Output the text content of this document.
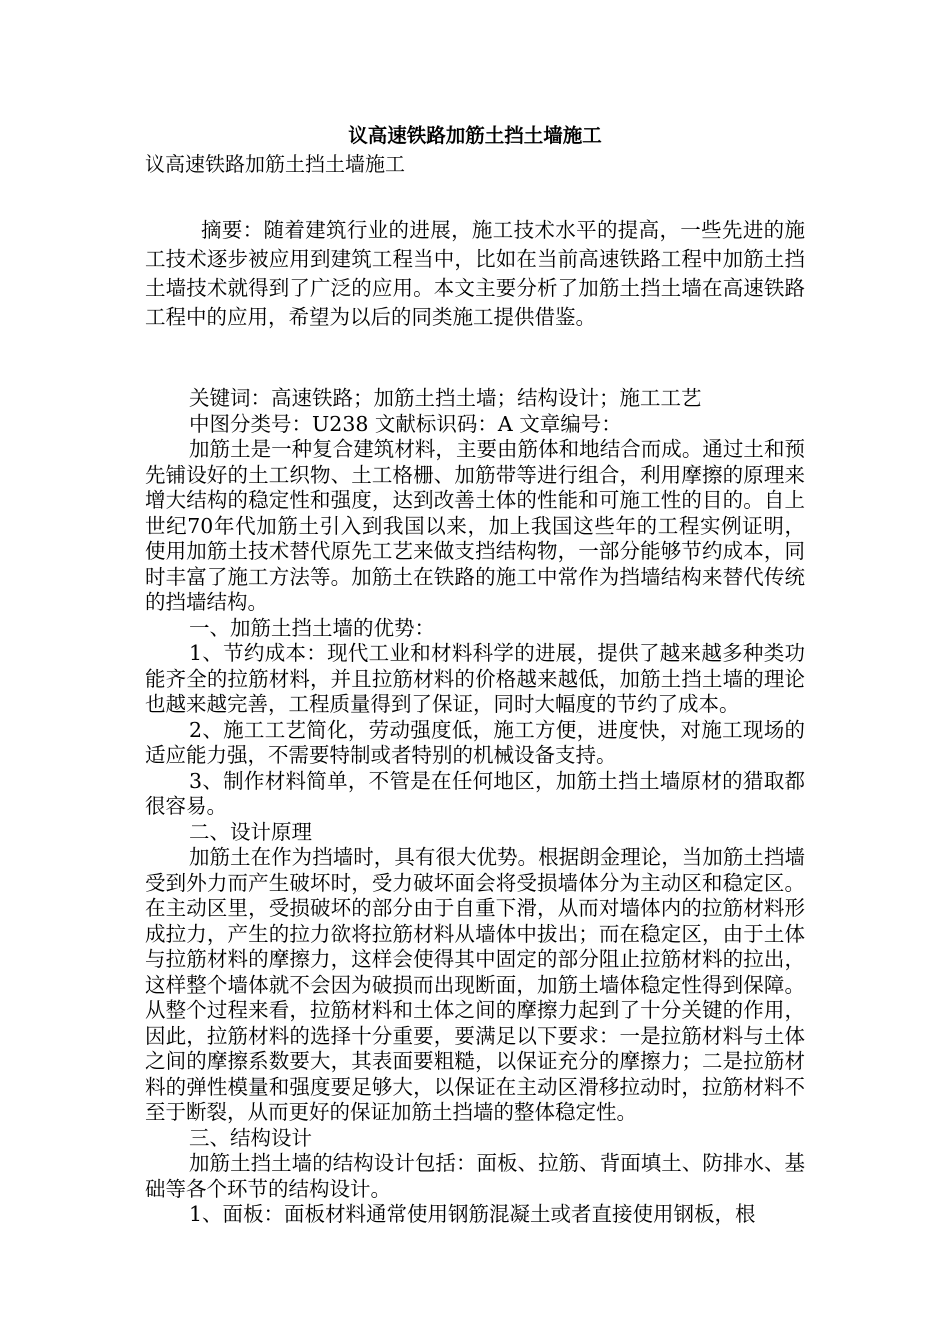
议高速铁路加筋土挡土墙施工

议高速铁路加筋土挡土墙施工

摘要：随着建筑行业的进展，施工技术水平的提高，一些先进的施工技术逐步被应用到建筑工程当中，比如在当前高速铁路工程中加筋土挡土墙技术就得到了广泛的应用。本文主要分析了加筋土挡土墙在高速铁路工程中的应用，希望为以后的同类施工提供借鉴。

关键词：高速铁路；加筋土挡土墙；结构设计；施工工艺

中图分类号：U238 文献标识码：A 文章编号：

加筋土是一种复合建筑材料，主要由筋体和地结合而成。通过土和预先铺设好的土工织物、土工格栅、加筋带等进行组合，利用摩擦的原理来增大结构的稳定性和强度，达到改善土体的性能和可施工性的目的。自上世纪70年代加筋土引入到我国以来，加上我国这些年的工程实例证明，使用加筋土技术替代原先工艺来做支挡结构物，一部分能够节约成本，同时丰富了施工方法等。加筋土在铁路的施工中常作为挡墙结构来替代传统的挡墙结构。

一、加筋土挡土墙的优势：

1、节约成本：现代工业和材料科学的进展，提供了越来越多种类功能齐全的拉筋材料，并且拉筋材料的价格越来越低，加筋土挡土墙的理论也越来越完善，工程质量得到了保证，同时大幅度的节约了成本。

2、施工工艺简化，劳动强度低，施工方便，进度快，对施工现场的适应能力强，不需要特制或者特别的机械设备支持。

3、制作材料简单，不管是在任何地区，加筋土挡土墙原材的猎取都很容易。

二、设计原理

加筋土在作为挡墙时，具有很大优势。根据朗金理论，当加筋土挡墙受到外力而产生破坏时，受力破坏面会将受损墙体分为主动区和稳定区。在主动区里，受损破坏的部分由于自重下滑，从而对墙体内的拉筋材料形成拉力，产生的拉力欲将拉筋材料从墙体中拔出；而在稳定区，由于土体与拉筋材料的摩擦力，这样会使得其中固定的部分阻止拉筋材料的拉出，这样整个墙体就不会因为破损而出现断面，加筋土墙体稳定性得到保障。从整个过程来看，拉筋材料和土体之间的摩擦力起到了十分关键的作用，因此，拉筋材料的选择十分重要，要满足以下要求：一是拉筋材料与土体之间的摩擦系数要大，其表面要粗糙，以保证充分的摩擦力；二是拉筋材料的弹性模量和强度要足够大，以保证在主动区滑移拉动时，拉筋材料不至于断裂，从而更好的保证加筋土挡墙的整体稳定性。

三、结构设计

加筋土挡土墙的结构设计包括：面板、拉筋、背面填土、防排水、基础等各个环节的结构设计。

1、面板：面板材料通常使用钢筋混凝土或者直接使用钢板，根
